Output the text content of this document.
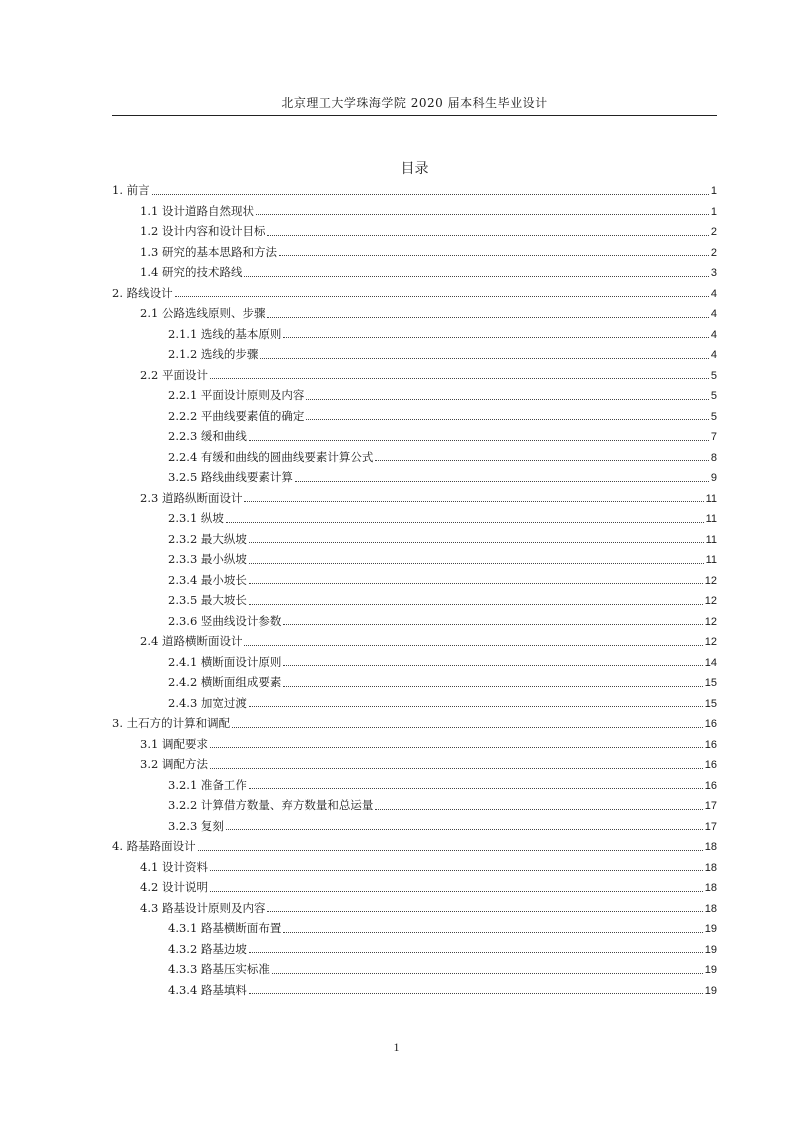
北京理工大学珠海学院 2020 届本科生毕业设计
目录
1. 前言	1
1.1 设计道路自然现状	1
1.2 设计内容和设计目标	2
1.3 研究的基本思路和方法	2
1.4 研究的技术路线	3
2. 路线设计	4
2.1 公路选线原则、步骤	4
2.1.1 选线的基本原则	4
2.1.2 选线的步骤	4
2.2 平面设计	5
2.2.1 平面设计原则及内容	5
2.2.2 平曲线要素值的确定	5
2.2.3 缓和曲线	7
2.2.4 有缓和曲线的圆曲线要素计算公式	8
3.2.5 路线曲线要素计算	9
2.3 道路纵断面设计	11
2.3.1 纵坡	11
2.3.2 最大纵坡	11
2.3.3 最小纵坡	11
2.3.4 最小坡长	12
2.3.5 最大坡长	12
2.3.6 竖曲线设计参数	12
2.4 道路横断面设计	12
2.4.1 横断面设计原则	14
2.4.2 横断面组成要素	15
2.4.3 加宽过渡	15
3. 土石方的计算和调配	16
3.1 调配要求	16
3.2 调配方法	16
3.2.1 准备工作	16
3.2.2 计算借方数量、弃方数量和总运量	17
3.2.3 复刻	17
4. 路基路面设计	18
4.1 设计资料	18
4.2 设计说明	18
4.3 路基设计原则及内容	18
4.3.1 路基横断面布置	19
4.3.2 路基边坡	19
4.3.3 路基压实标准	19
4.3.4 路基填料	19
1
